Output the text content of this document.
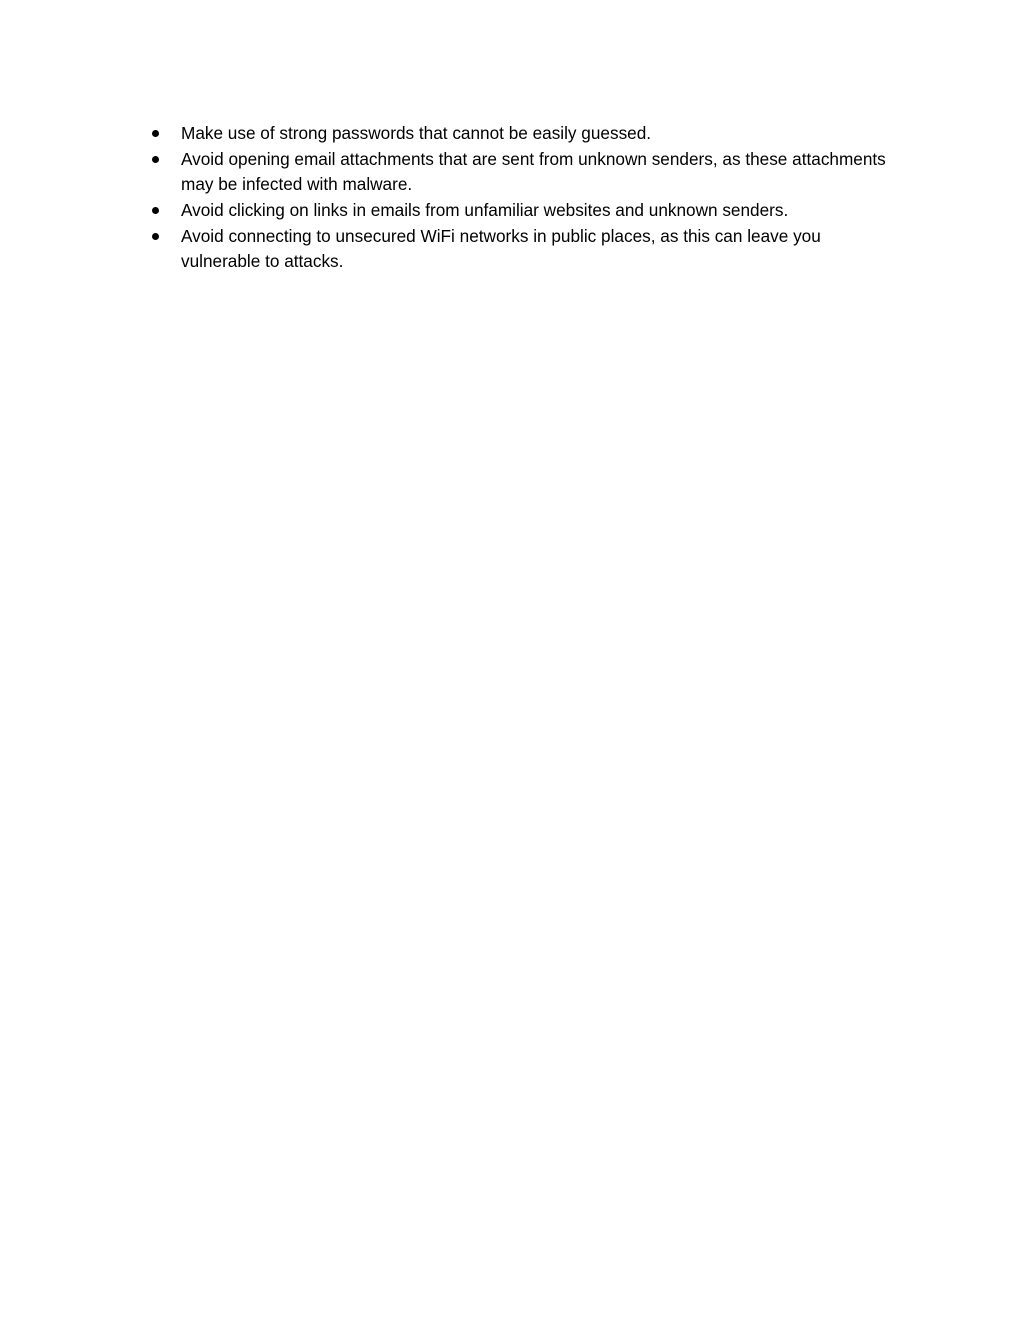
Make use of strong passwords that cannot be easily guessed.
Avoid opening email attachments that are sent from unknown senders, as these attachments may be infected with malware.
Avoid clicking on links in emails from unfamiliar websites and unknown senders.
Avoid connecting to unsecured WiFi networks in public places, as this can leave you vulnerable to attacks.
